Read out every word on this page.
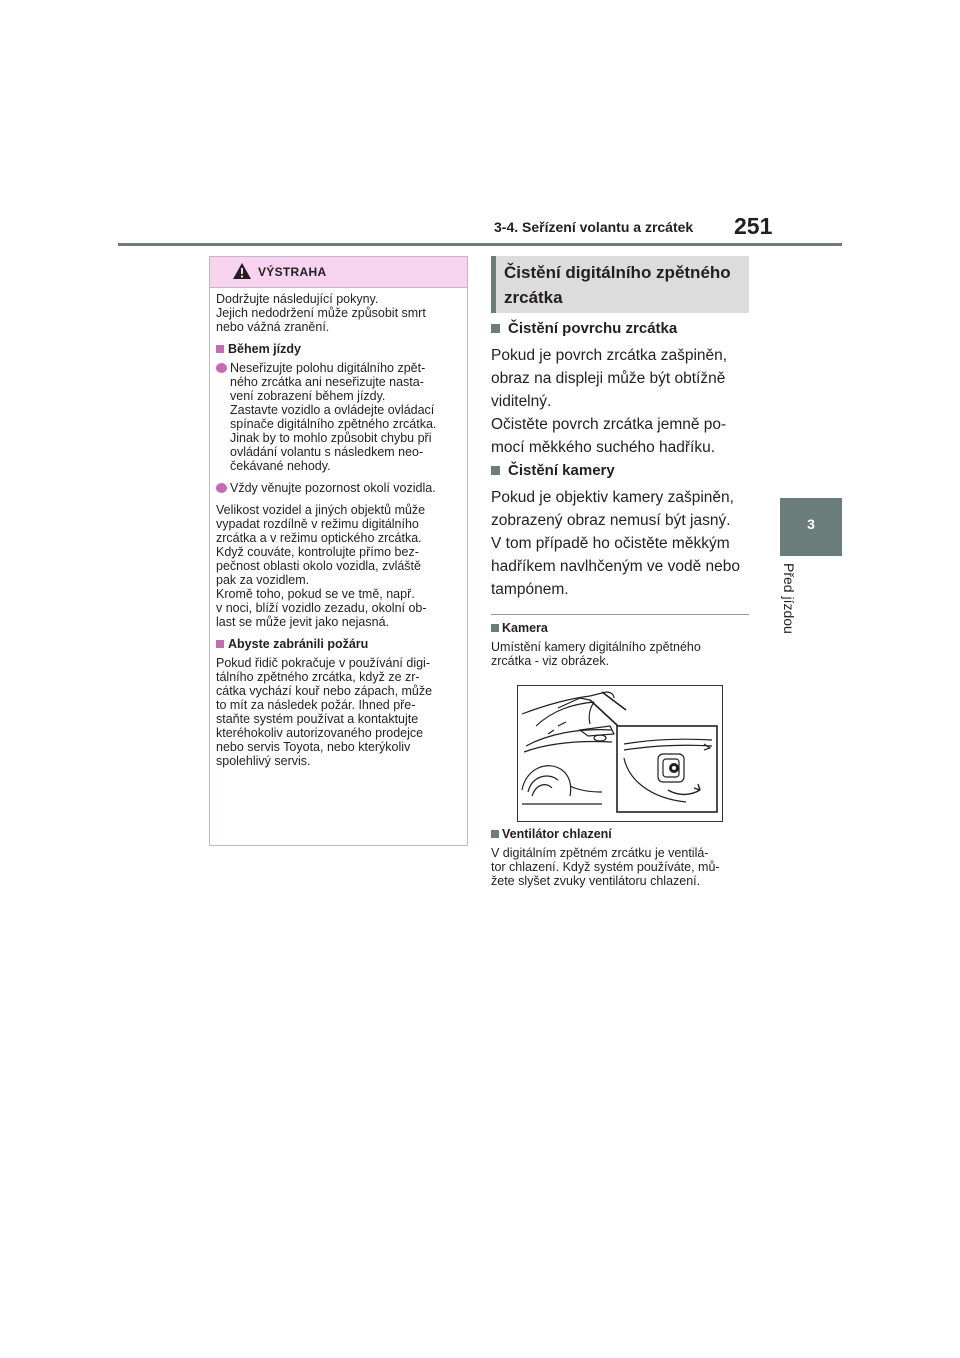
3-4. Seřízení volantu a zrcátek 251
3
Před jízdou
VÝSTRAHA

Dodržujte následující pokyny.
Jejich nedodržení může způsobit smrt
nebo vážná zranění.

Během jízdy
Neseřizujte polohu digitálního zpět-
ného zrcátka ani neseřizujte nasta-
vení zobrazení během jízdy.
Zastavte vozidlo a ovládejte ovládací
spínače digitálního zpětného zrcátka.
Jinak by to mohlo způsobit chybu při
ovládání volantu s následkem neo-
čekávané nehody.
Vždy věnujte pozornost okolí vozidla.

Velikost vozidel a jiných objektů může
vypadat rozdílně v režimu digitálního
zrcátka a v režimu optického zrcátka.
Když couváte, kontrolujte přímo bez-
pečnost oblasti okolo vozidla, zvláště
pak za vozidlem.
Kromě toho, pokud se ve tmě, např.
v noci, blíží vozidlo zezadu, okolní ob-
last se může jevit jako nejasná.

Abyste zabránili požáru

Pokud řidič pokračuje v používání digi-
tálního zpětného zrcátka, když ze zr-
cátka vychází kouř nebo zápach, může
to mít za následek požár. Ihned pře-
staňte systém používat a kontaktujte
kteréhokoliv autorizovaného prodejce
nebo servis Toyota, nebo kterýkoliv
spolehlivý servis.

Čistění digitálního zpětného
zrcátka
Čistění povrchu zrcátka
Pokud je povrch zrcátka zašpiněn,
obraz na displeji může být obtížně
viditelný.
Očistěte povrch zrcátka jemně po-
mocí měkkého suchého hadříku.
Čistění kamery
Pokud je objektiv kamery zašpiněn,
zobrazený obraz nemusí být jasný.
V tom případě ho očistěte měkkým
hadříkem navlhčeným ve vodě nebo
tampónem.
Kamera
Umístění kamery digitálního zpětného
zrcátka - viz obrázek.
Ventilátor chlazení
V digitálním zpětném zrcátku je ventilá-
tor chlazení. Když systém používáte, mů-
žete slyšet zvuky ventilátoru chlazení.
